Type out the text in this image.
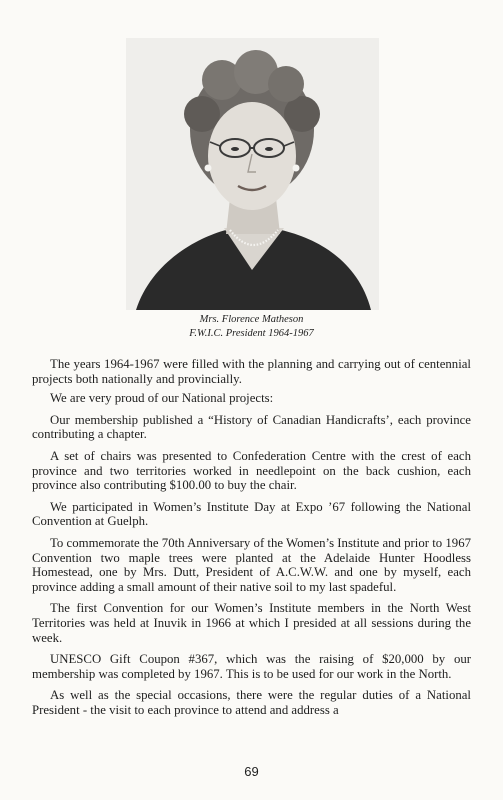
Mrs. Florence Matheson
F.W.I.C. President 1964-1967

The years 1964-1967 were filled with the planning and carrying out of centennial projects both nationally and provincially.

We are very proud of our National projects:

Our membership published a “History of Canadian Handicrafts’, each province contributing a chapter.

A set of chairs was presented to Confederation Centre with the crest of each province and two territories worked in needlepoint on the back cushion, each province also contributing $100.00 to buy the chair.

We participated in Women’s Institute Day at Expo ’67 following the National Convention at Guelph.

To commemorate the 70th Anniversary of the Women’s Institute and prior to 1967 Convention two maple trees were planted at the Adelaide Hunter Hoodless Homestead, one by Mrs. Dutt, President of A.C.W.W. and one by myself, each province adding a small amount of their native soil to my last spadeful.

The first Convention for our Women’s Institute members in the North West Territories was held at Inuvik in 1966 at which I presided at all sessions during the week.

UNESCO Gift Coupon #367, which was the raising of $20,000 by our membership was completed by 1967. This is to be used for our work in the North.

As well as the special occasions, there were the regular duties of a National President - the visit to each province to attend and address a

69
